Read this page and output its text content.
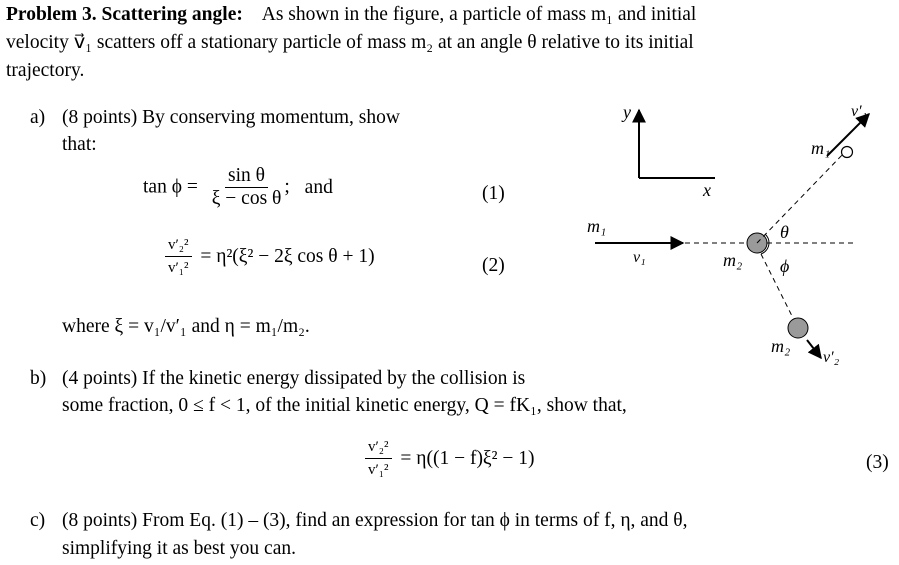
Problem 3. Scattering angle: As shown in the figure, a particle of mass m₁ and initial
velocity v⃗₁ scatters off a stationary particle of mass m₂ at an angle θ relative to its initial
trajectory.
a) (8 points) By conserving momentum, show
that:
$\tan \phi = \frac{\text{sin θ}}{\text{ξ − cos θ}}$ ; and	(1)
$\frac{\text{v′₂²}}{\text{v′₁²}} = \eta^2(\xi^2 - 2\xi$ cos θ + 1)	(2)
where ξ = v₁/v′₁ and η = m₁/m₂.
y
x
m₁
v₁	m₂
m₁
v′₁
θ
ϕ
m₂
v′₂
b) (4 points) If the kinetic energy dissipated by the collision is
some fraction, 0 ≤ f < 1, of the initial kinetic energy, Q = fK₁, show that,
$\frac{\text{v′₂²}}{\text{v′₁²}} = \eta((1 - f)\xi^2 - 1)$	(3)
c) (8 points) From Eq. (1) – (3), find an expression for tan ϕ in terms of f, η, and θ,
simplifying it as best you can.
